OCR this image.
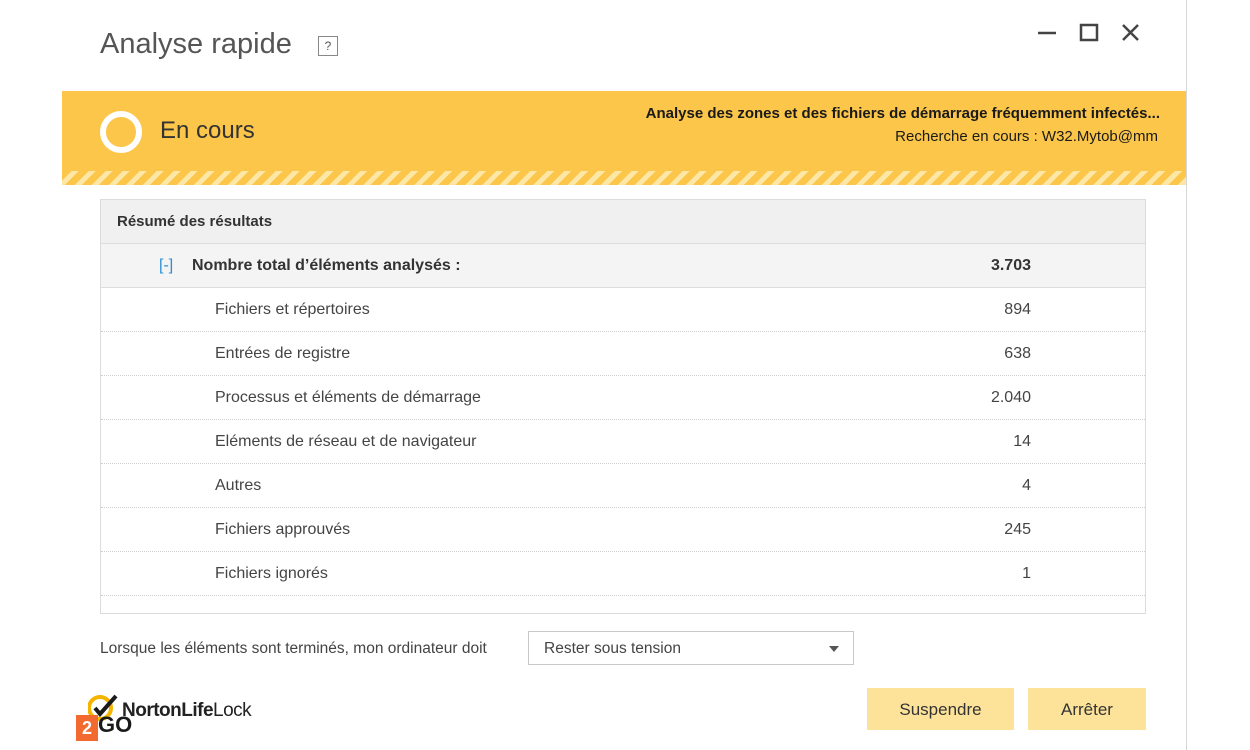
Analyse rapide	?
En cours
Analyse des zones et des fichiers de démarrage fréquemment infectés...
Recherche en cours : W32.Mytob@mm
Résumé des résultats
[-] Nombre total d’éléments analysés :	3.703
Fichiers et répertoires	894
Entrées de registre	638
Processus et éléments de démarrage	2.040
Eléments de réseau et de navigateur	14
Autres	4
Fichiers approuvés	245
Fichiers ignorés	1
Lorsque les éléments sont terminés, mon ordinateur doit	Rester sous tension
Suspendre	Arrêter
NortonLifeLock
2 GO
